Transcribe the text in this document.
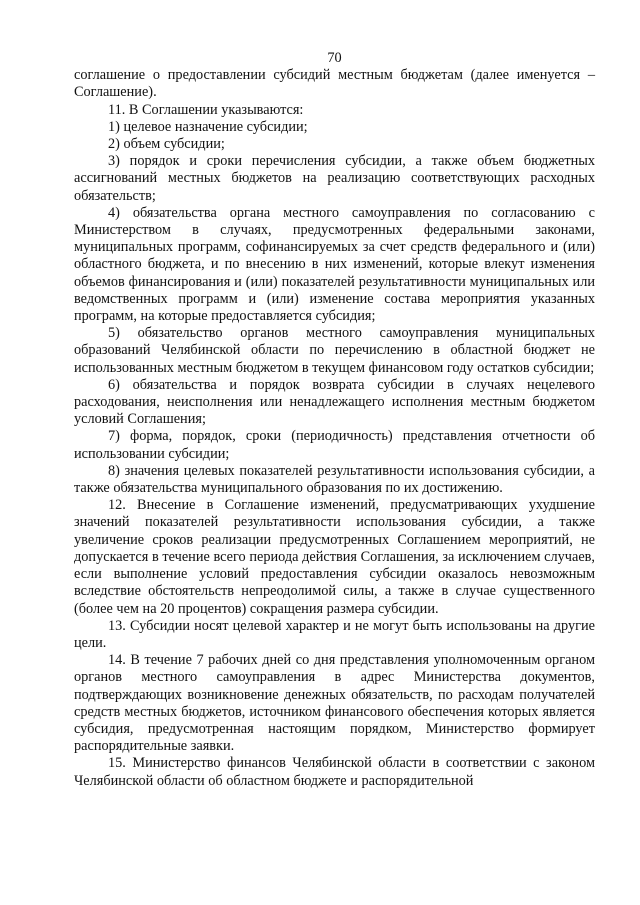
70

соглашение о предоставлении субсидий местным бюджетам (далее именуется – Соглашение).

11. В Соглашении указываются:

1) целевое назначение субсидии;

2) объем субсидии;

3) порядок и сроки перечисления субсидии, а также объем бюджетных ассигнований местных бюджетов на реализацию соответствующих расходных обязательств;

4) обязательства органа местного самоуправления по согласованию с Министерством в случаях, предусмотренных федеральными законами, муниципальных программ, софинансируемых за счет средств федерального и (или) областного бюджета, и по внесению в них изменений, которые влекут изменения объемов финансирования и (или) показателей результативности муниципальных или ведомственных программ и (или) изменение состава мероприятия указанных программ, на которые предоставляется субсидия;

5) обязательство органов местного самоуправления муниципальных образований Челябинской области по перечислению в областной бюджет не использованных местным бюджетом в текущем финансовом году остатков субсидии;

6) обязательства и порядок возврата субсидии в случаях нецелевого расходования, неисполнения или ненадлежащего исполнения местным бюджетом условий Соглашения;

7) форма, порядок, сроки (периодичность) представления отчетности об использовании субсидии;

8) значения целевых показателей результативности использования субсидии, а также обязательства муниципального образования по их достижению.

12. Внесение в Соглашение изменений, предусматривающих ухудшение значений показателей результативности использования субсидии, а также увеличение сроков реализации предусмотренных Соглашением мероприятий, не допускается в течение всего периода действия Соглашения, за исключением случаев, если выполнение условий предоставления субсидии оказалось невозможным вследствие обстоятельств непреодолимой силы, а также в случае существенного (более чем на 20 процентов) сокращения размера субсидии.

13. Субсидии носят целевой характер и не могут быть использованы на другие цели.

14. В течение 7 рабочих дней со дня представления уполномоченным органом органов местного самоуправления в адрес Министерства документов, подтверждающих возникновение денежных обязательств, по расходам получателей средств местных бюджетов, источником финансового обеспечения которых является субсидия, предусмотренная настоящим порядком, Министерство формирует распорядительные заявки.

15. Министерство финансов Челябинской области в соответствии с законом Челябинской области об областном бюджете и распорядительной
